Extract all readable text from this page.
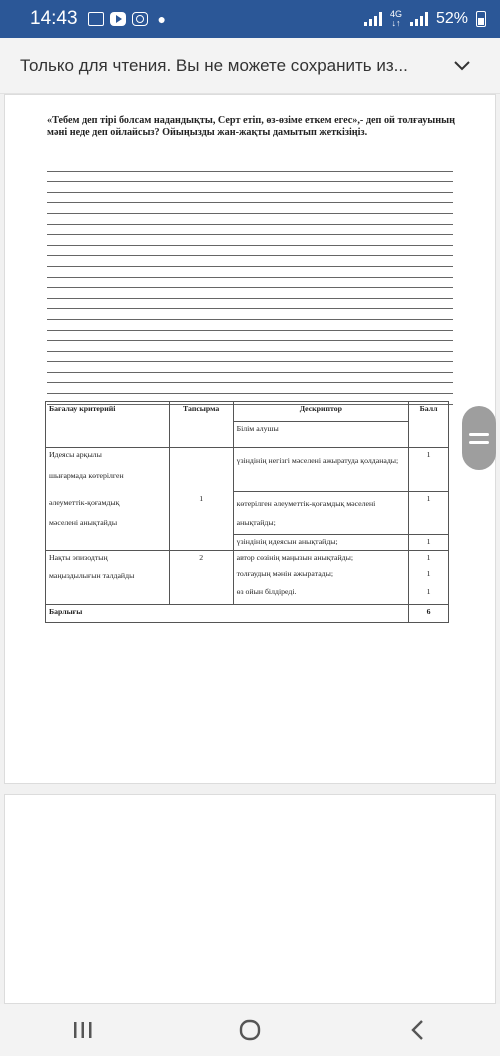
14:43	●	4G
↓↑ 52%
Только для чтения. Вы не можете сохранить из...
«Тебем деп тірі болсам надандықты, Серт етіп, өз-өзіме еткем егес»,- деп ой толғауының мәні неде деп ойлайсыз? Ойыңызды жан-жақты дамытып жеткізіңіз.
Бағалау критерийі	Тапсырма	Дескриптор	Балл
		Білім алушы	

Идеясы арқылы
шығармада көтерілген
әлеуметтік-қоғамдық
мәселені анықтайды	1	үзіндінің негізгі мәселені ажыратуда қолданады;	1
		көтерілген әлеуметтік-қоғамдық мәселені анықтайды;	1
		үзіндінің идеясын анықтайды;	1

Нақты эпизодтың
маңыздылығын талдайды	2	автор сөзінің маңызын анықтайды;	1
		толғаудың мәнін ажыратады;	1
		өз ойын білдіреді.	1
Барлығы			6
